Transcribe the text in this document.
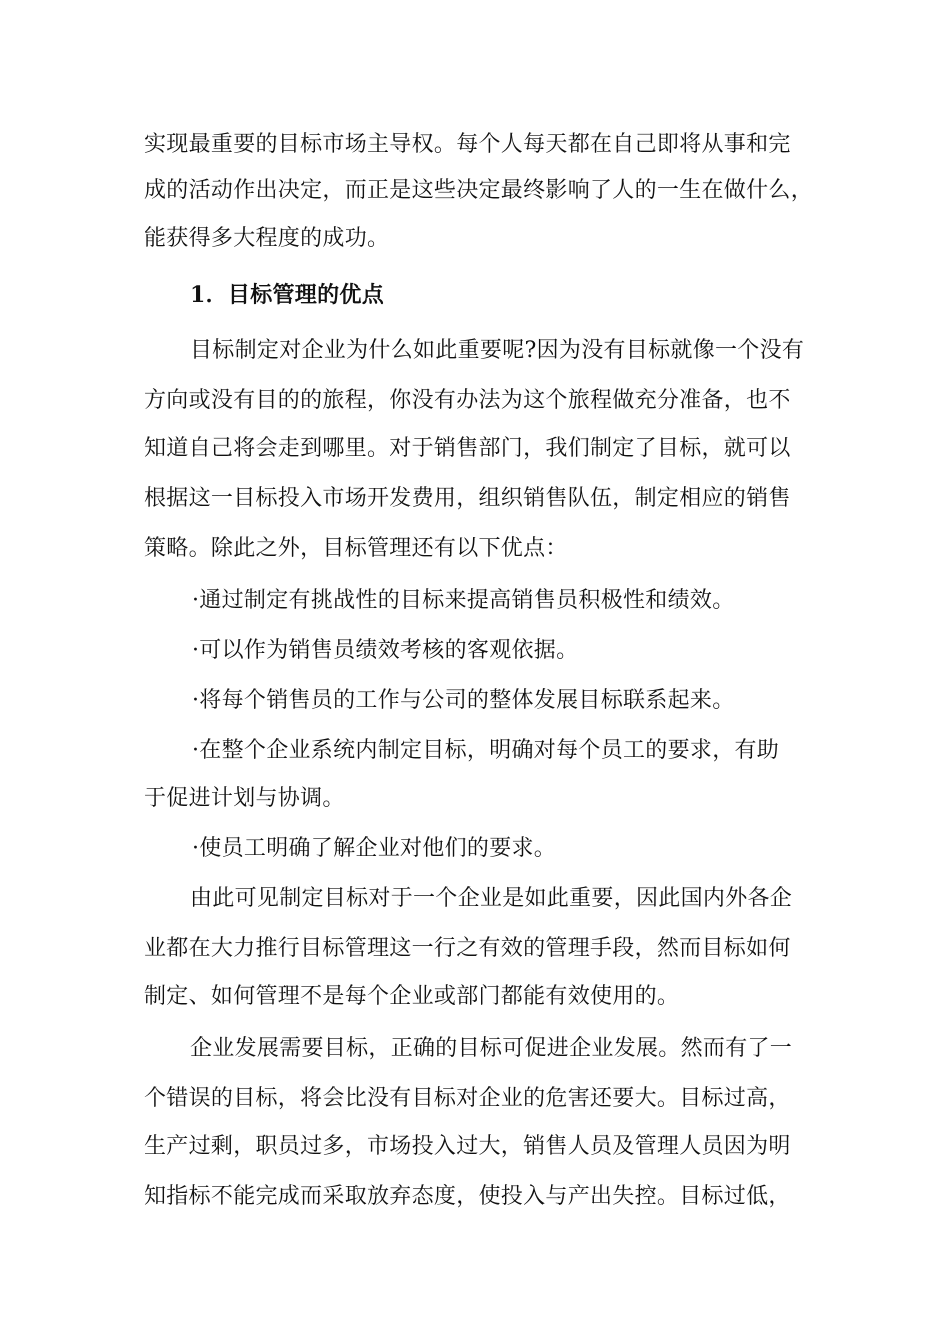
实现最重要的目标市场主导权。每个人每天都在自己即将从事和完
成的活动作出决定，而正是这些决定最终影响了人的一生在做什么，
能获得多大程度的成功。
1．目标管理的优点
目标制定对企业为什么如此重要呢?因为没有目标就像一个没有
方向或没有目的的旅程，你没有办法为这个旅程做充分准备，也不
知道自己将会走到哪里。对于销售部门，我们制定了目标，就可以
根据这一目标投入市场开发费用，组织销售队伍，制定相应的销售
策略。除此之外，目标管理还有以下优点：
·通过制定有挑战性的目标来提高销售员积极性和绩效。
·可以作为销售员绩效考核的客观依据。
·将每个销售员的工作与公司的整体发展目标联系起来。
·在整个企业系统内制定目标，明确对每个员工的要求，有助
于促进计划与协调。
·使员工明确了解企业对他们的要求。
由此可见制定目标对于一个企业是如此重要，因此国内外各企
业都在大力推行目标管理这一行之有效的管理手段，然而目标如何
制定、如何管理不是每个企业或部门都能有效使用的。
企业发展需要目标，正确的目标可促进企业发展。然而有了一
个错误的目标，将会比没有目标对企业的危害还要大。目标过高，
生产过剩，职员过多，市场投入过大，销售人员及管理人员因为明
知指标不能完成而采取放弃态度，使投入与产出失控。目标过低，
